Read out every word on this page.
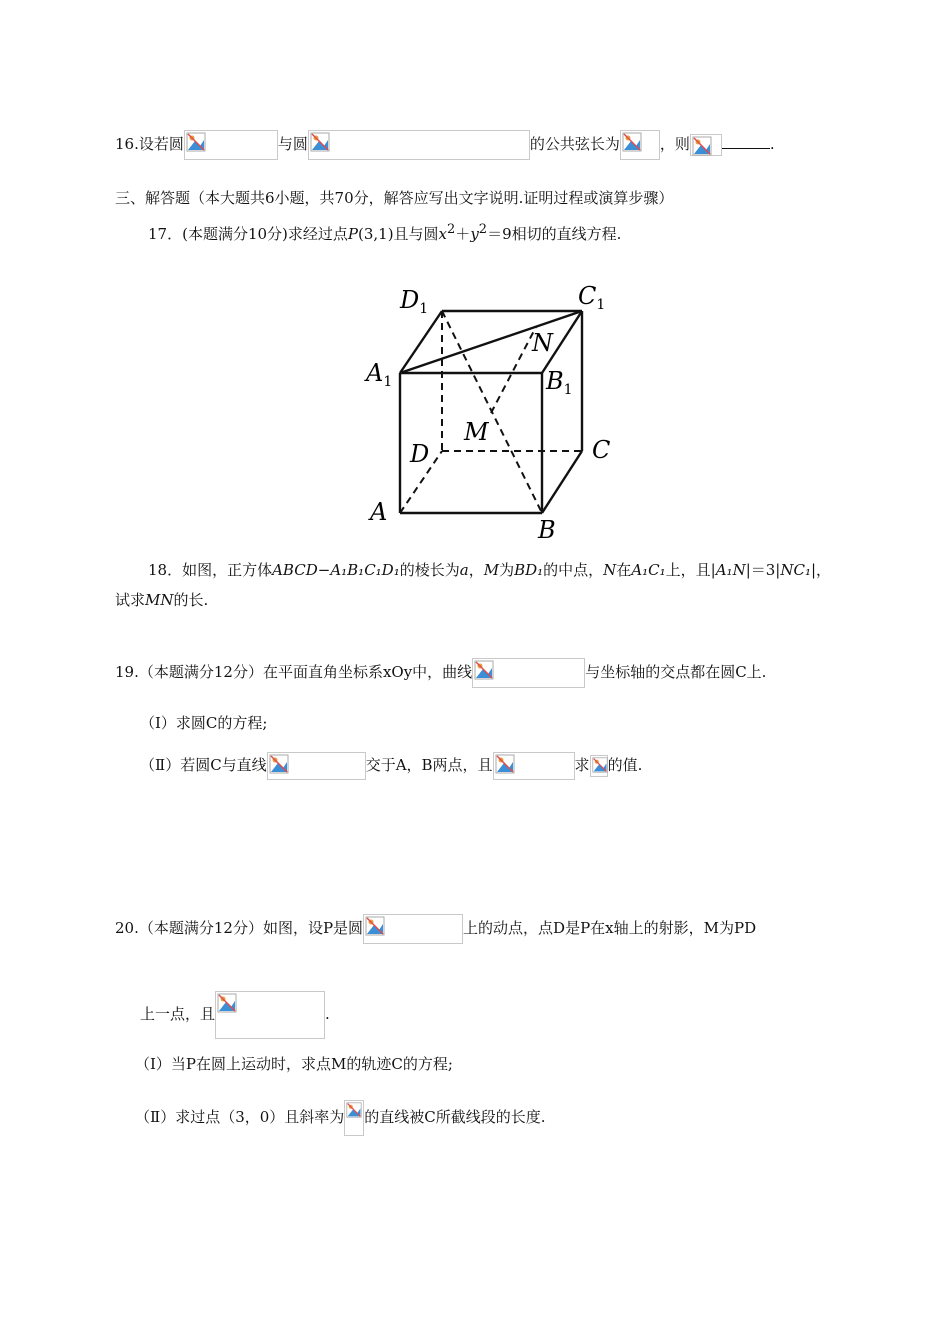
16.设若圆	与圆	的公共弦长为	，则	.
三、解答题（本大题共6小题，共70分，解答应写出文字说明.证明过程或演算步骤）
17．(本题满分10分)求经过点P(3,1)且与圆$x^2+y^2=9$相切的直线方程.
$D_1$	$C_1$
N
$A_1$	$B_1$
M
D	C
A
B
18．如图，正方体ABCD−A₁B₁C₁D₁的棱长为a，M为BD₁的中点，N在A₁C₁上，且|A₁N|＝3|NC₁|，
试求MN的长.
19.（本题满分12分）在平面直角坐标系xOy中，曲线	与坐标轴的交点都在圆C上.
（Ⅰ）求圆C的方程;
（Ⅱ）若圆C与直线	交于A，B两点，且	求 的值.
20.（本题满分12分）如图，设P是圆	上的动点，点D是P在x轴上的射影，M为PD
上一点，且	.
（Ⅰ）当P在圆上运动时，求点M的轨迹C的方程;
（Ⅱ）求过点（3，0）且斜率为 的直线被C所截线段的长度.
